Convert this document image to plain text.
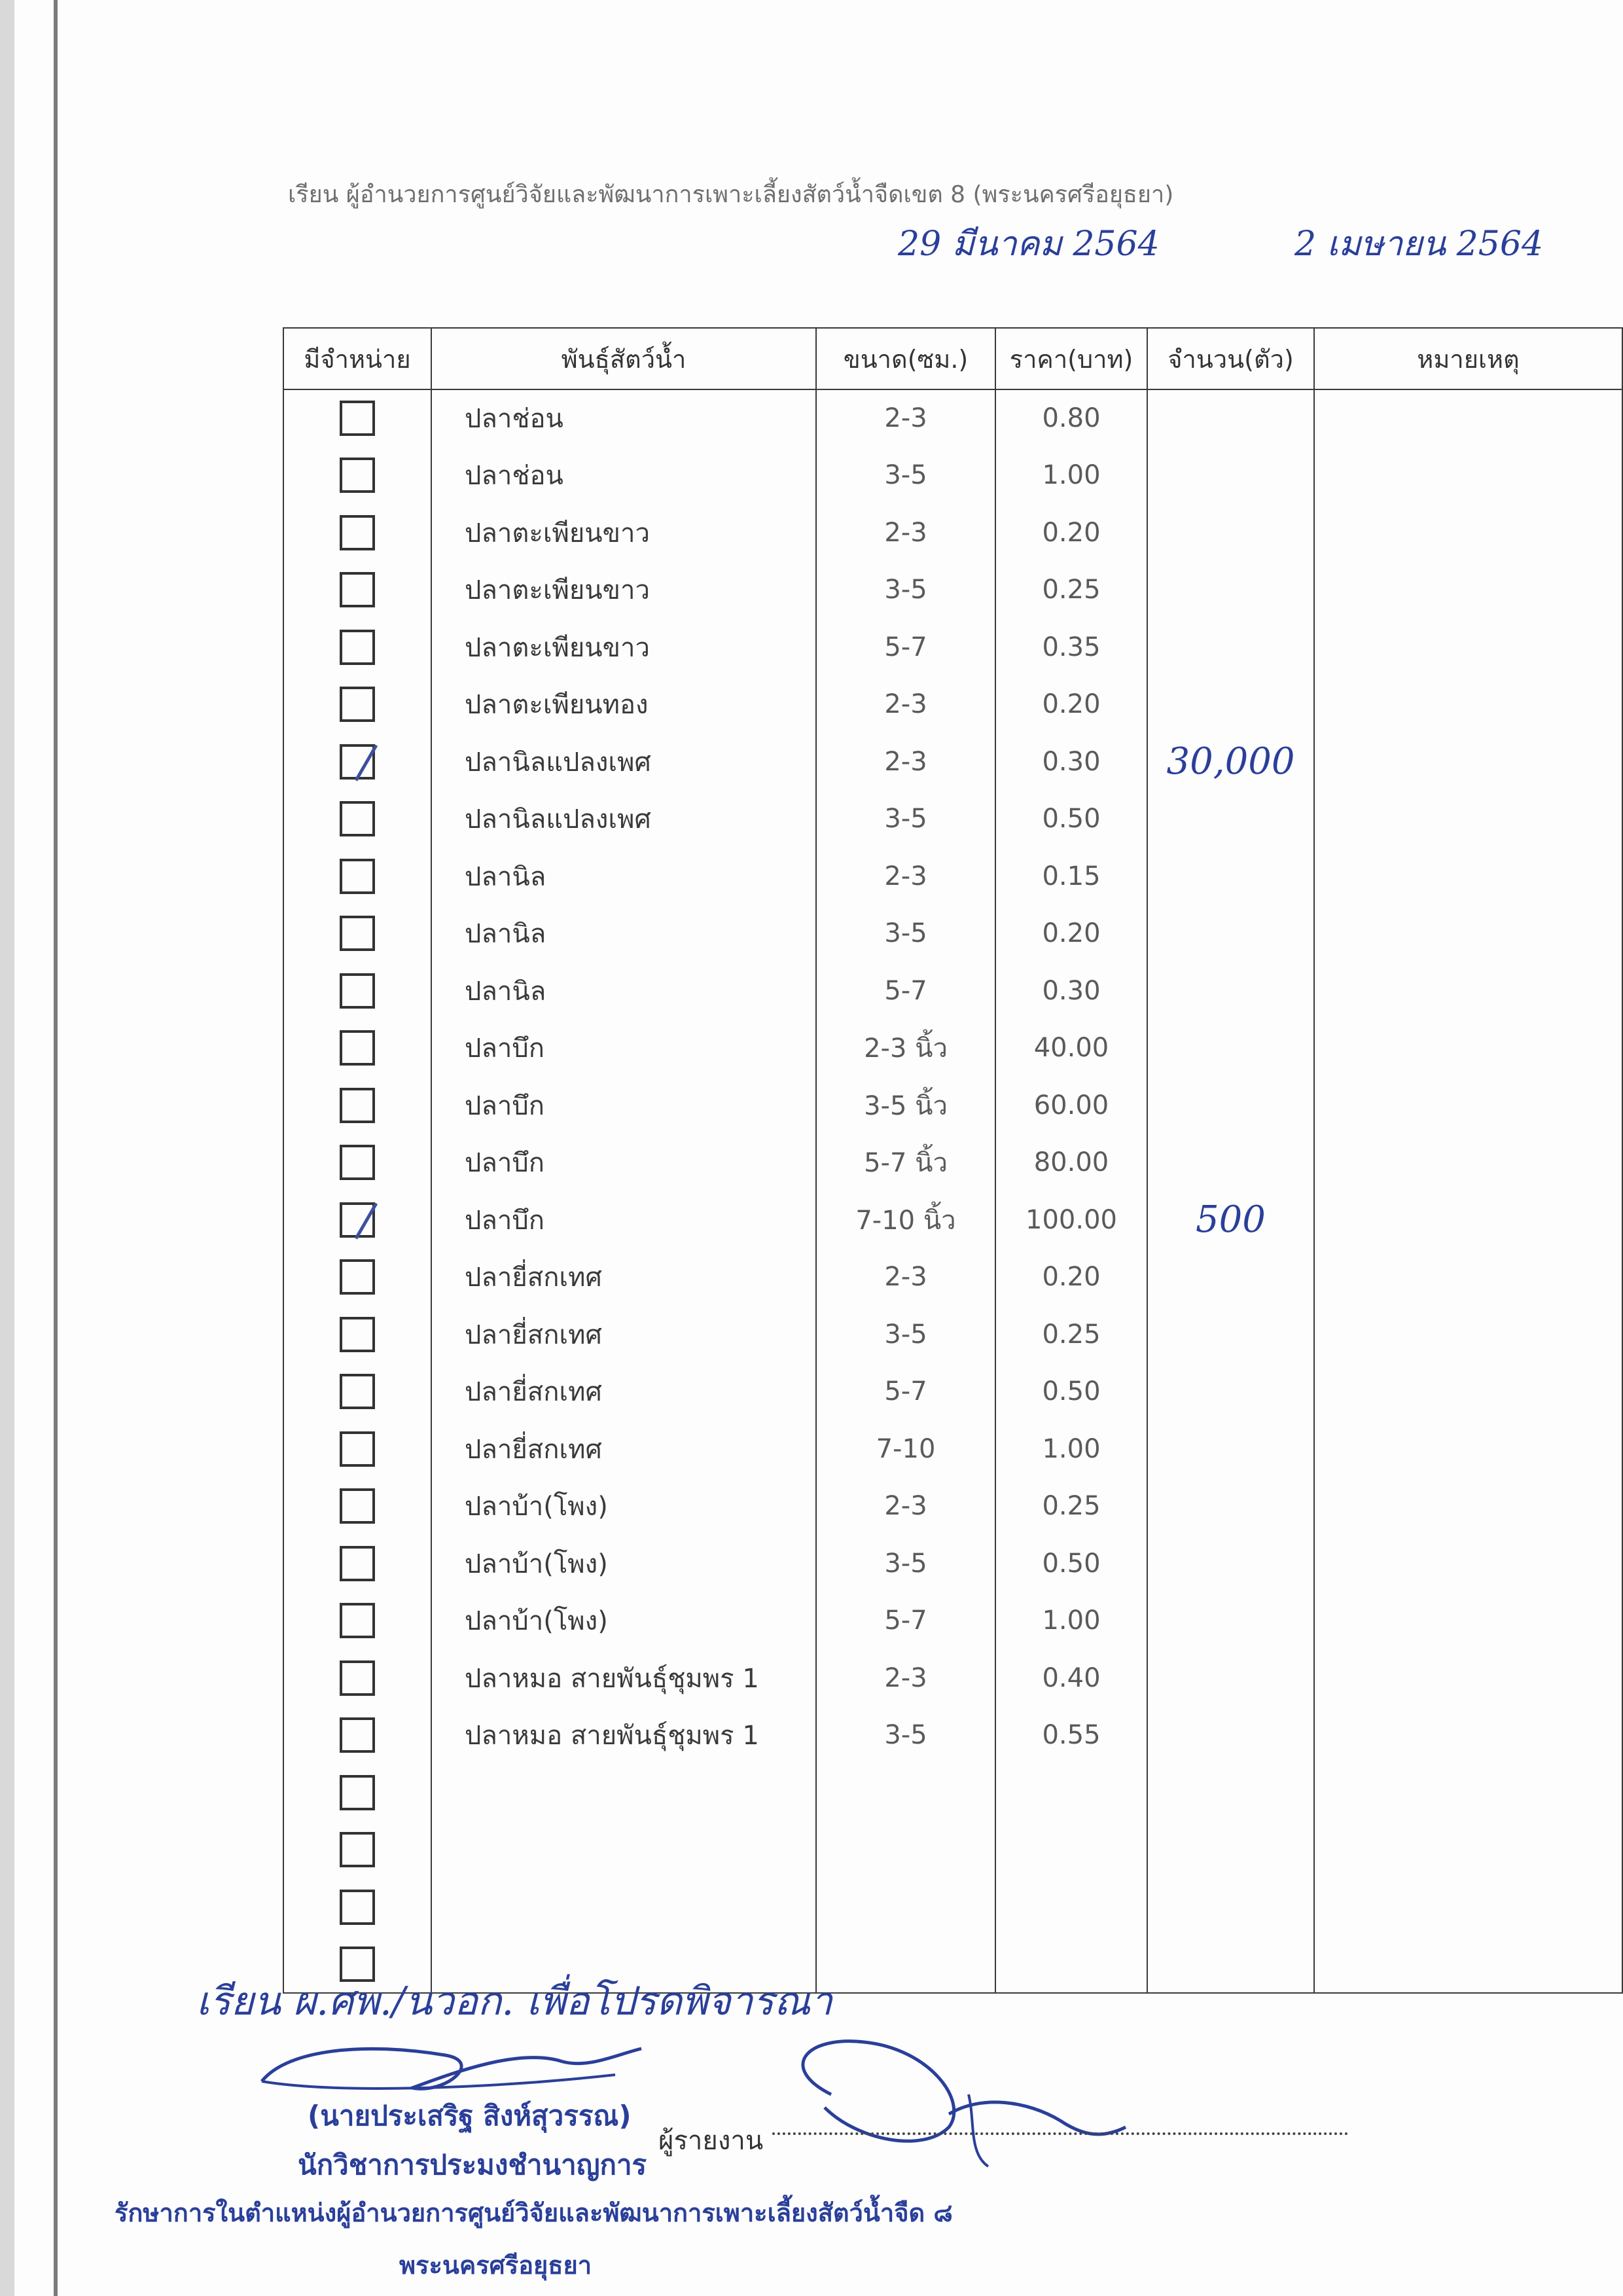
เรียน ผู้อำนวยการศูนย์วิจัยและพัฒนาการเพาะเลี้ยงสัตว์น้ำจืดเขต 8 (พระนครศรีอยุธยา)
29 มีนาคม 2564	2 เมษายน 2564
มีจำหน่าย	พันธุ์สัตว์น้ำ	ขนาด(ซม.)	ราคา(บาท)	จำนวน(ตัว)	หมายเหตุ

	ปลาช่อน	2-3	0.80		

	ปลาช่อน	3-5	1.00		

	ปลาตะเพียนขาว	2-3	0.20		

	ปลาตะเพียนขาว	3-5	0.25		

	ปลาตะเพียนขาว	5-7	0.35		

	ปลาตะเพียนทอง	2-3	0.20		

	ปลานิลแปลงเพศ	2-3	0.30	30,000	

	ปลานิลแปลงเพศ	3-5	0.50		

	ปลานิล	2-3	0.15		

	ปลานิล	3-5	0.20		

	ปลานิล	5-7	0.30		

	ปลาบึก	2-3 นิ้ว	40.00		

	ปลาบึก	3-5 นิ้ว	60.00		

	ปลาบึก	5-7 นิ้ว	80.00		

	ปลาบึก	7-10 นิ้ว	100.00	500	

	ปลายี่สกเทศ	2-3	0.20		

	ปลายี่สกเทศ	3-5	0.25		

	ปลายี่สกเทศ	5-7	0.50		

	ปลายี่สกเทศ	7-10	1.00		

	ปลาบ้า(โพง)	2-3	0.25		

	ปลาบ้า(โพง)	3-5	0.50		

	ปลาบ้า(โพง)	5-7	1.00		

	ปลาหมอ สายพันธุ์ชุมพร 1	2-3	0.40		

	ปลาหมอ สายพันธุ์ชุมพร 1	3-5	0.55		

เรียน ผ.ศพ./นวอก. เพื่อโปรดพิจารณา
(นายประเสริฐ สิงห์สุวรรณ)
นักวิชาการประมงชำนาญการ
รักษาการในตำแหน่งผู้อำนวยการศูนย์วิจัยและพัฒนาการเพาะเลี้ยงสัตว์น้ำจืด ๘
พระนครศรีอยุธยา
ผู้รายงาน
